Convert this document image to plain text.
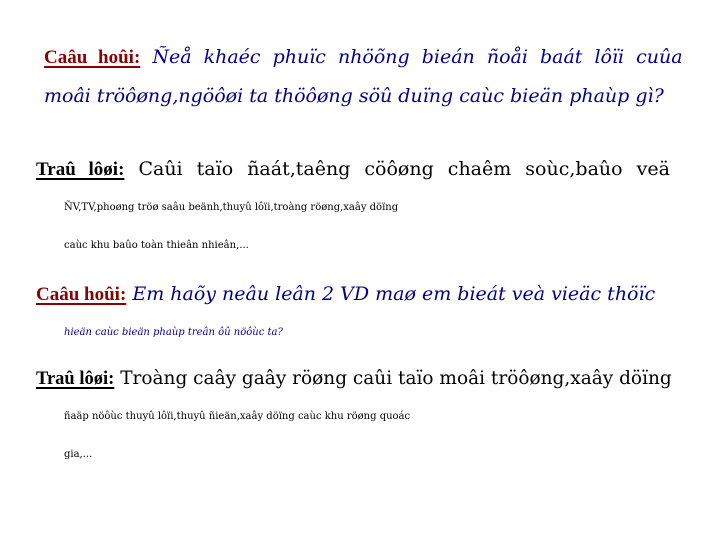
Caâu hoûi: Ñeå khaéc phuïc nhöõng bieán ñoåi baát lôïi cuûa
moâi tröôøng,ngöôøi ta thöôøng söû duïng caùc bieän phaùp gì?
Traû lôøi: Caûi taïo ñaát,taêng cöôøng chaêm soùc,baûo veä
ÑV,TV,phoøng tröø saâu beänh,thuyû lôïi,troàng röøng,xaây döïng
caùc khu baûo toàn thieân nhieân,...
Caâu hoûi: Em haõy neâu leân 2 VD maø em bieát veà vieäc thöïc
hieän caùc bieän phaùp treân ôû nöôùc ta?
Traû lôøi: Troàng caây gaây röøng caûi taïo moâi tröôøng,xaây döïng
ñaäp nöôùc thuyû lôïi,thuyû ñieän,xaây döïng caùc khu röøng quoác
gia,...
